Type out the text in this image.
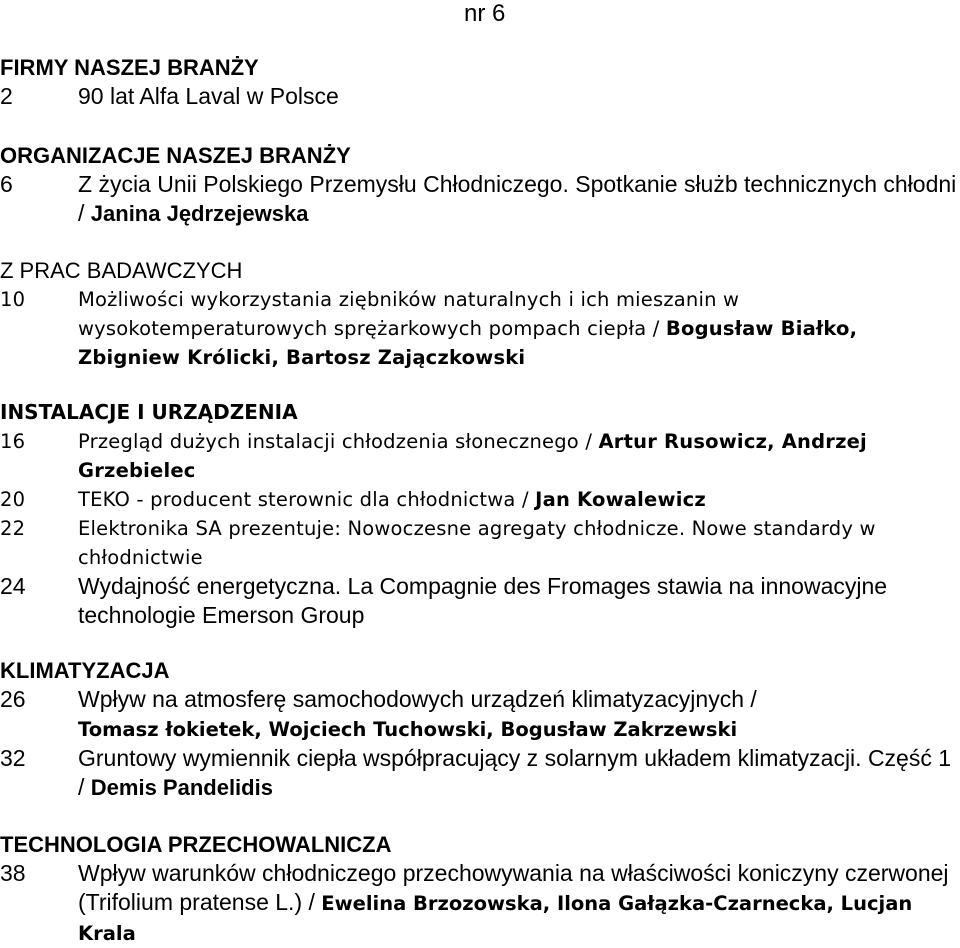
nr 6
FIRMY NASZEJ BRANŻY
2	90 lat Alfa Laval w Polsce
ORGANIZACJE NASZEJ BRANŻY
6	Z życia Unii Polskiego Przemysłu Chłodniczego. Spotkanie służb technicznych chłodni / Janina Jędrzejewska
Z PRAC BADAWCZYCH
10	Możliwości wykorzystania ziębników naturalnych i ich mieszanin w wysokotemperaturowych sprężarkowych pompach ciepła / Bogusław Białko, Zbigniew Królicki, Bartosz Zajączkowski
INSTALACJE I URZĄDZENIA
16	Przegląd dużych instalacji chłodzenia słonecznego / Artur Rusowicz, Andrzej Grzebielec
20	TEKO - producent sterownic dla chłodnictwa / Jan Kowalewicz
22	Elektronika SA prezentuje: Nowoczesne agregaty chłodnicze. Nowe standardy w chłodnictwie
24 Wydajność energetyczna. La Compagnie des Fromages stawia na innowacyjne technologie Emerson Group
KLIMATYZACJA
26 Wpływ na atmosferę samochodowych urządzeń klimatyzacyjnych /
Tomasz łokietek, Wojciech Tuchowski, Bogusław Zakrzewski
32 Gruntowy wymiennik ciepła współpracujący z solarnym układem klimatyzacji. Część 1 / Demis Pandelidis
TECHNOLOGIA PRZECHOWALNICZA
38 Wpływ warunków chłodniczego przechowywania na właściwości koniczyny czerwonej (Trifolium pratense L.) / Ewelina Brzozowska, Ilona Gałązka-Czarnecka, Lucjan Krala
